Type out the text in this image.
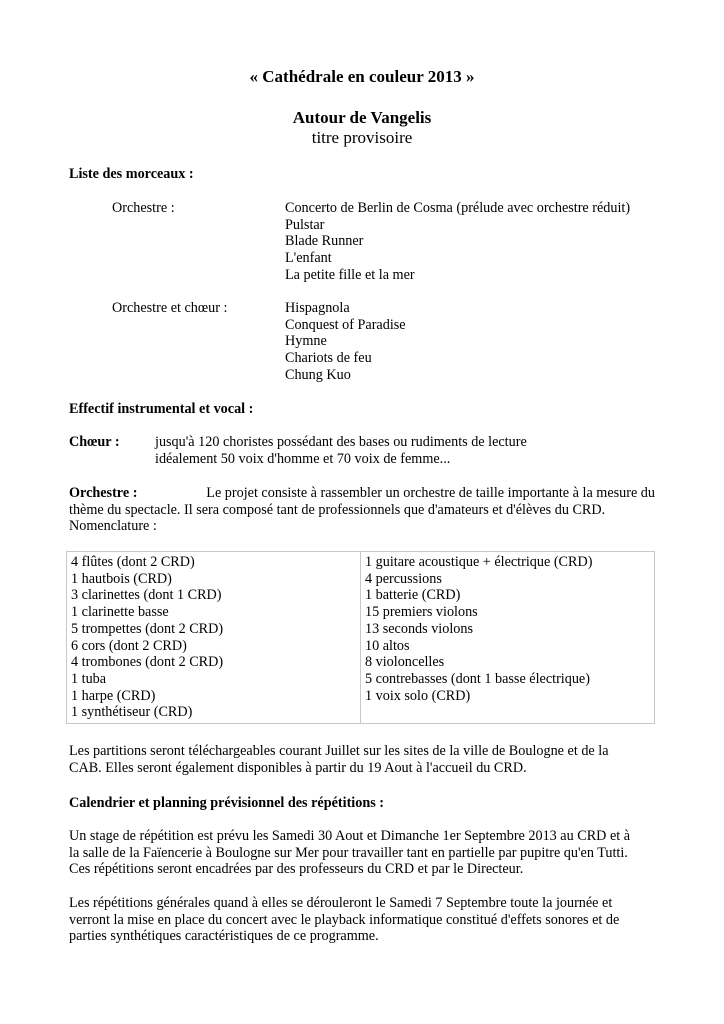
« Cathédrale en couleur 2013 »
Autour de Vangelis
titre provisoire
Liste des morceaux :
Orchestre :	Concerto de Berlin de Cosma (prélude avec orchestre réduit)
Pulstar
Blade Runner
L'enfant
La petite fille et la mer
Orchestre et chœur :	Hispagnola
Conquest of Paradise
Hymne
Chariots de feu
Chung Kuo
Effectif instrumental et vocal :
Chœur : jusqu'à 120 choristes possédant des bases ou rudiments de lecture
idéalement 50 voix d'homme et 70 voix de femme...
Orchestre :	Le projet consiste à rassembler un orchestre de taille importante à la mesure du
thème du spectacle. Il sera composé tant de professionnels que d'amateurs et d'élèves du CRD.
Nomenclature :
4 flûtes (dont 2 CRD)
1 hautbois (CRD)
3 clarinettes (dont 1 CRD)
1 clarinette basse
5 trompettes (dont 2 CRD)
6 cors (dont 2 CRD)
4 trombones (dont 2 CRD)
1 tuba
1 harpe (CRD)
1 synthétiseur (CRD)

1 guitare acoustique + électrique (CRD)
4 percussions
1 batterie (CRD)
15 premiers violons
13 seconds violons
10 altos
8 violoncelles
5 contrebasses (dont 1 basse électrique)
1 voix solo (CRD)
Les partitions seront téléchargeables courant Juillet sur les sites de la ville de Boulogne et de la
CAB. Elles seront également disponibles à partir du 19 Aout à l'accueil du CRD.
Calendrier et planning prévisionnel des répétitions :
Un stage de répétition est prévu les Samedi 30 Aout et Dimanche 1er Septembre 2013 au CRD et à
la salle de la Faïencerie à Boulogne sur Mer pour travailler tant en partielle par pupitre qu'en Tutti.
Ces répétitions seront encadrées par des professeurs du CRD et par le Directeur.
Les répétitions générales quand à elles se dérouleront le Samedi 7 Septembre toute la journée et
verront la mise en place du concert avec le playback informatique constitué d'effets sonores et de
parties synthétiques caractéristiques de ce programme.
